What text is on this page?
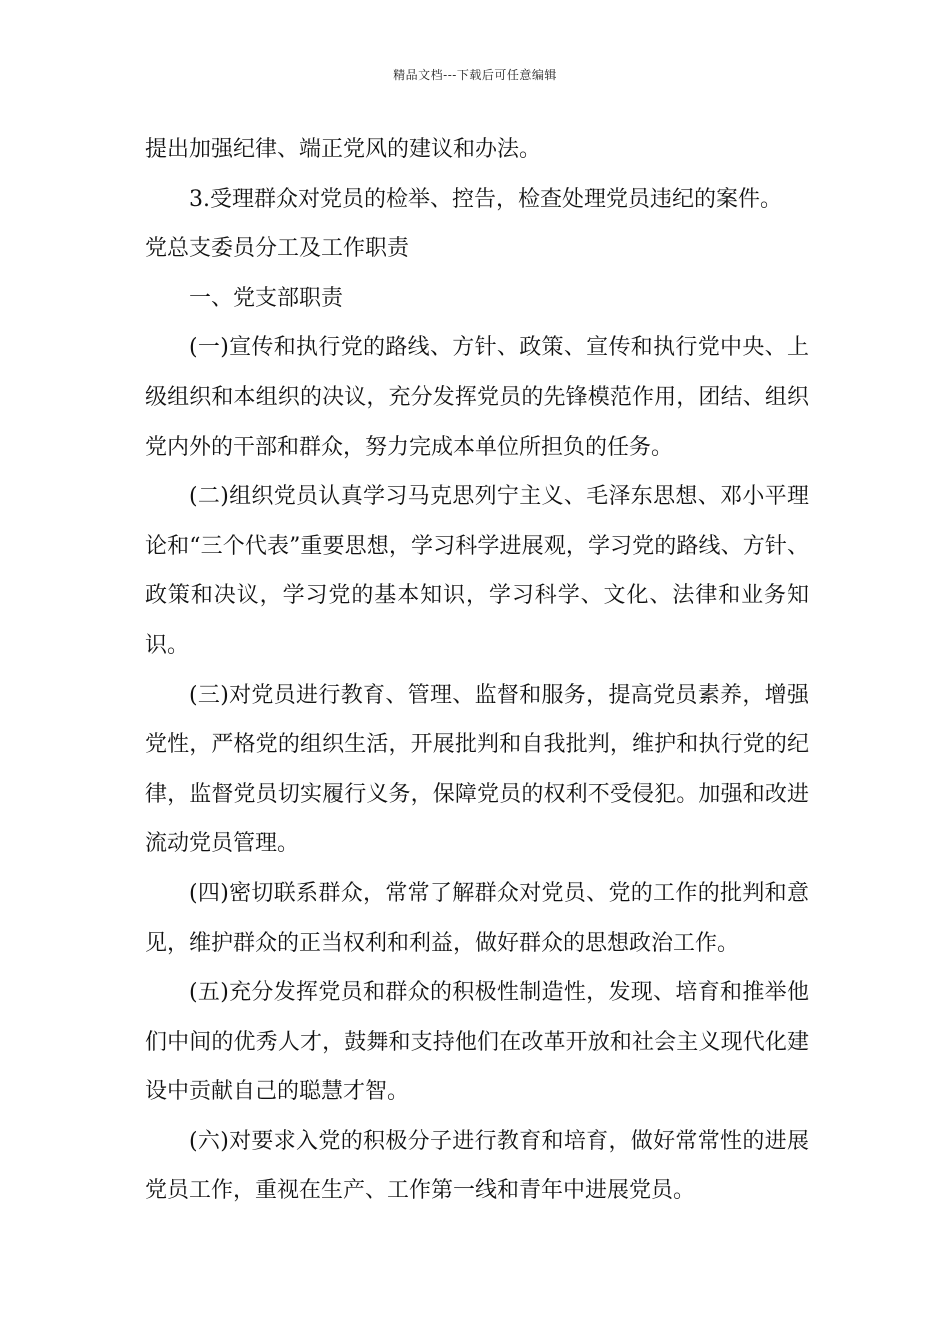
精品文档---下载后可任意编辑

提出加强纪律、端正党风的建议和办法。

3.受理群众对党员的检举、控告，检查处理党员违纪的案件。

党总支委员分工及工作职责

一、党支部职责

(一)宣传和执行党的路线、方针、政策、宣传和执行党中央、上级组织和本组织的决议，充分发挥党员的先锋模范作用，团结、组织党内外的干部和群众，努力完成本单位所担负的任务。

(二)组织党员认真学习马克思列宁主义、毛泽东思想、邓小平理论和“三个代表”重要思想，学习科学进展观，学习党的路线、方针、政策和决议，学习党的基本知识，学习科学、文化、法律和业务知识。

(三)对党员进行教育、管理、监督和服务，提高党员素养，增强党性，严格党的组织生活，开展批判和自我批判，维护和执行党的纪律，监督党员切实履行义务，保障党员的权利不受侵犯。加强和改进流动党员管理。

(四)密切联系群众，常常了解群众对党员、党的工作的批判和意见，维护群众的正当权利和利益，做好群众的思想政治工作。

(五)充分发挥党员和群众的积极性制造性，发现、培育和推举他们中间的优秀人才，鼓舞和支持他们在改革开放和社会主义现代化建设中贡献自己的聪慧才智。

(六)对要求入党的积极分子进行教育和培育，做好常常性的进展党员工作，重视在生产、工作第一线和青年中进展党员。
